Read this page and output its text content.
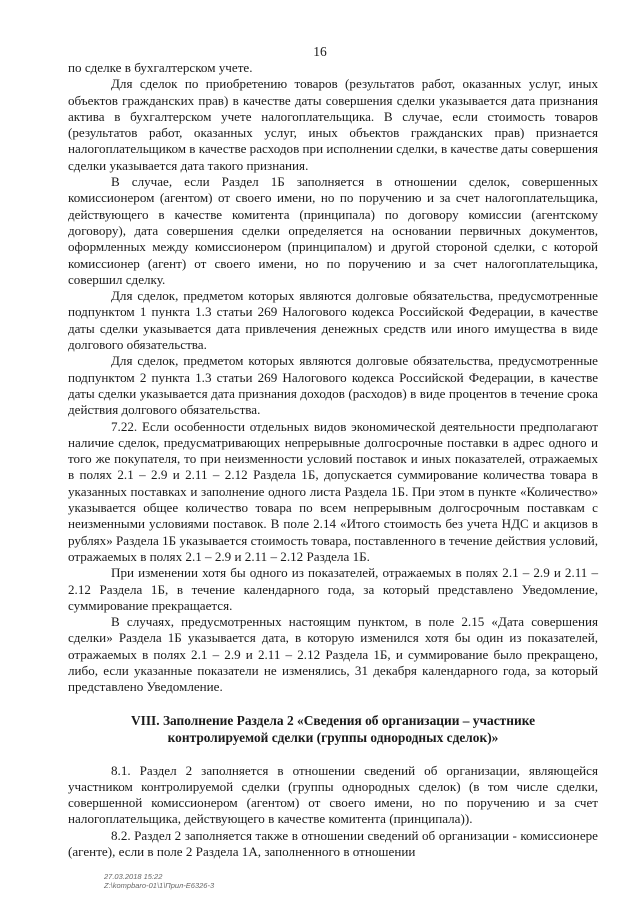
16

по сделке в бухгалтерском учете.

Для сделок по приобретению товаров (результатов работ, оказанных услуг, иных объектов гражданских прав) в качестве даты совершения сделки указывается дата признания актива в бухгалтерском учете налогоплательщика. В случае, если стоимость товаров (результатов работ, оказанных услуг, иных объектов гражданских прав) признается налогоплательщиком в качестве расходов при исполнении сделки, в качестве даты совершения сделки указывается дата такого признания.

В случае, если Раздел 1Б заполняется в отношении сделок, совершенных комиссионером (агентом) от своего имени, но по поручению и за счет налогоплательщика, действующего в качестве комитента (принципала) по договору комиссии (агентскому договору), дата совершения сделки определяется на основании первичных документов, оформленных между комиссионером (принципалом) и другой стороной сделки, с которой комиссионер (агент) от своего имени, но по поручению и за счет налогоплательщика, совершил сделку.

Для сделок, предметом которых являются долговые обязательства, предусмотренные подпунктом 1 пункта 1.3 статьи 269 Налогового кодекса Российской Федерации, в качестве даты сделки указывается дата привлечения денежных средств или иного имущества в виде долгового обязательства.

Для сделок, предметом которых являются долговые обязательства, предусмотренные подпунктом 2 пункта 1.3 статьи 269 Налогового кодекса Российской Федерации, в качестве даты сделки указывается дата признания доходов (расходов) в виде процентов в течение срока действия долгового обязательства.

7.22. Если особенности отдельных видов экономической деятельности предполагают наличие сделок, предусматривающих непрерывные долгосрочные поставки в адрес одного и того же покупателя, то при неизменности условий поставок и иных показателей, отражаемых в полях 2.1 – 2.9 и 2.11 – 2.12 Раздела 1Б, допускается суммирование количества товара в указанных поставках и заполнение одного листа Раздела 1Б. При этом в пункте «Количество» указывается общее количество товара по всем непрерывным долгосрочным поставкам с неизменными условиями поставок. В поле 2.14 «Итого стоимость без учета НДС и акцизов в рублях» Раздела 1Б указывается стоимость товара, поставленного в течение действия условий, отражаемых в полях 2.1 – 2.9 и 2.11 – 2.12 Раздела 1Б.

При изменении хотя бы одного из показателей, отражаемых в полях 2.1 – 2.9 и 2.11 – 2.12 Раздела 1Б, в течение календарного года, за который представлено Уведомление, суммирование прекращается.

В случаях, предусмотренных настоящим пунктом, в поле 2.15 «Дата совершения сделки» Раздела 1Б указывается дата, в которую изменился хотя бы один из показателей, отражаемых в полях 2.1 – 2.9 и 2.11 – 2.12 Раздела 1Б, и суммирование было прекращено, либо, если указанные показатели не изменялись, 31 декабря календарного года, за который представлено Уведомление.

VIII. Заполнение Раздела 2 «Сведения об организации – участнике
контролируемой сделки (группы однородных сделок)»

8.1. Раздел 2 заполняется в отношении сведений об организации, являющейся участником контролируемой сделки (группы однородных сделок) (в том числе сделки, совершенной комиссионером (агентом) от своего имени, но по поручению и за счет налогоплательщика, действующего в качестве комитента (принципала)).

8.2. Раздел 2 заполняется также в отношении сведений об организации - комиссионере (агенте), если в поле 2 Раздела 1А, заполненного в отношении

27.03.2018 15:22
Z:\kompbaro-01\1\Прил-Е6326-3
